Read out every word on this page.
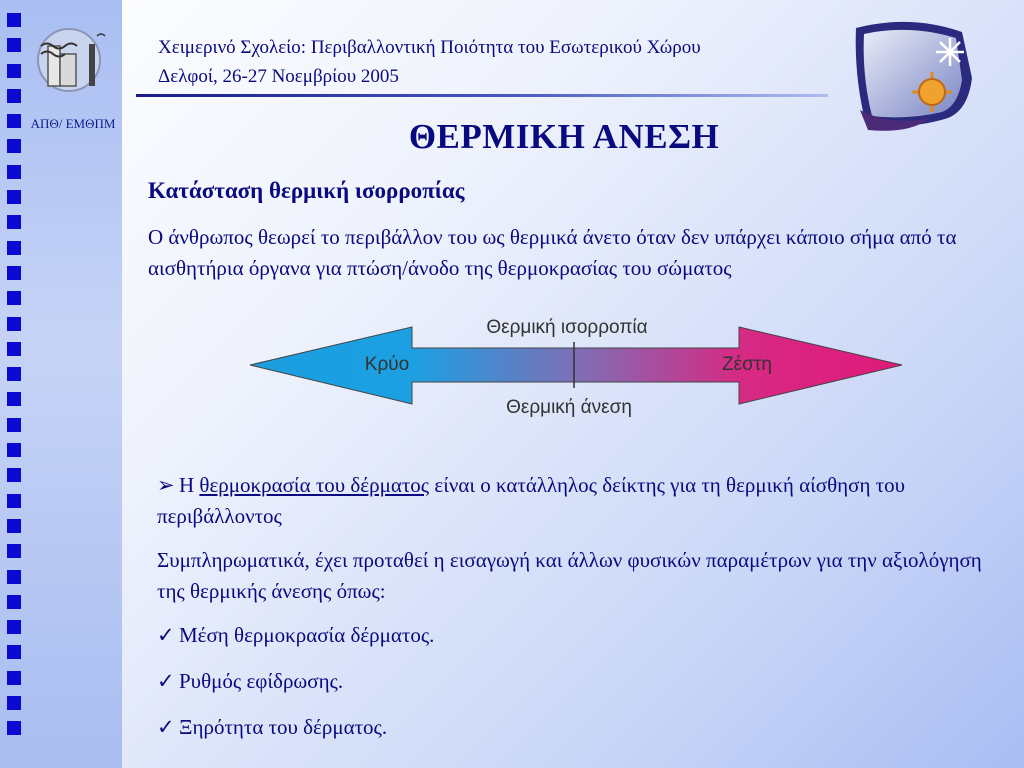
ΑΠΘ/ ΕΜΘΠΜ
Χειμερινό Σχολείο: Περιβαλλοντική Ποιότητα του Εσωτερικού Χώρου
Δελφοί, 26-27 Νοεμβρίου 2005
ΘΕΡΜΙΚΗ ΑΝΕΣΗ
Κατάσταση θερμική ισορροπίας
Ο άνθρωπος θεωρεί το περιβάλλον του ως θερμικά άνετο όταν δεν υπάρχει κάποιο σήμα από τα αισθητήρια όργανα για πτώση/άνοδο της θερμοκρασίας του σώματος
Θερμική ισορροπία
Θερμική άνεση
Κρύο	Ζέστη

➢ Η θερμοκρασία του δέρματος είναι ο κατάλληλος δείκτης για τη θερμική αίσθηση του περιβάλλοντος

Συμπληρωματικά, έχει προταθεί η εισαγωγή και άλλων φυσικών παραμέτρων για την αξιολόγηση της θερμικής άνεσης όπως:

✓ Μέση θερμοκρασία δέρματος.

✓ Ρυθμός εφίδρωσης.

✓ Ξηρότητα του δέρματος.
